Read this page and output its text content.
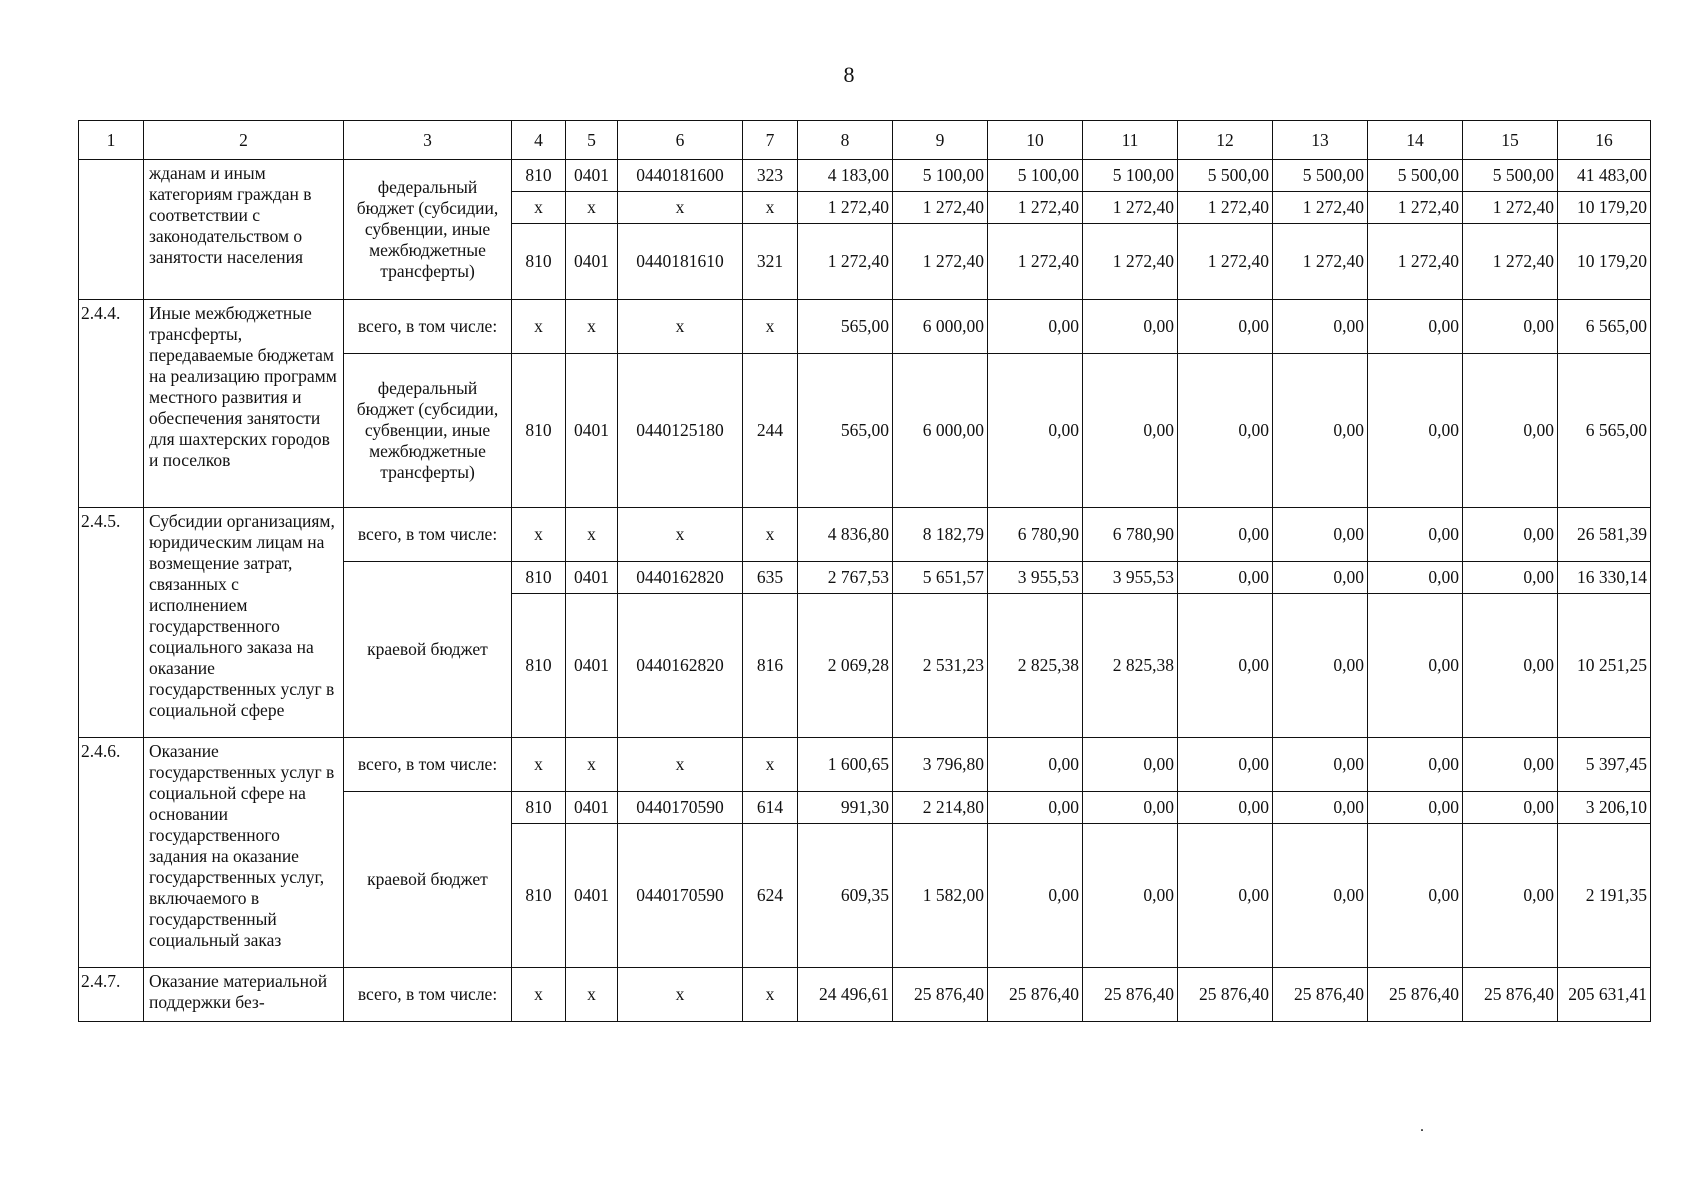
8
1	2	3	4	5	6	7	8	9	10	11	12	13	14	15	16
	жданам и иным категориям граждан в соответствии с законодательством о занятости населения	федеральный бюджет (субсидии, субвенции, иные межбюджетные трансферты)	810	0401	0440181600	323	4 183,00	5 100,00	5 100,00	5 100,00	5 500,00	5 500,00	5 500,00	5 500,00	41 483,00
			х	х	х	х	1 272,40	1 272,40	1 272,40	1 272,40	1 272,40	1 272,40	1 272,40	1 272,40	10 179,20
			810	0401	0440181610	321	1 272,40	1 272,40	1 272,40	1 272,40	1 272,40	1 272,40	1 272,40	1 272,40	10 179,20
2.4.4.	Иные межбюджетные трансферты, передаваемые бюджетам на реализацию программ местного развития и обеспечения занятости для шахтерских городов и поселков	всего, в том числе:	х	х	х	х	565,00	6 000,00	0,00	0,00	0,00	0,00	0,00	0,00	6 565,00
		федеральный бюджет (субсидии, субвенции, иные межбюджетные трансферты)	810	0401	0440125180	244	565,00	6 000,00	0,00	0,00	0,00	0,00	0,00	0,00	6 565,00
2.4.5.	Субсидии организациям, юридическим лицам на возмещение затрат, связанных с исполнением государственного социального заказа на оказание государственных услуг в социальной сфере	всего, в том числе:	х	х	х	х	4 836,80	8 182,79	6 780,90	6 780,90	0,00	0,00	0,00	0,00	26 581,39
		краевой бюджет	810	0401	0440162820	635	2 767,53	5 651,57	3 955,53	3 955,53	0,00	0,00	0,00	0,00	16 330,14
			810	0401	0440162820	816	2 069,28	2 531,23	2 825,38	2 825,38	0,00	0,00	0,00	0,00	10 251,25
2.4.6.	Оказание государственных услуг в социальной сфере на основании государственного задания на оказание государственных услуг, включаемого в государственный социальный заказ	всего, в том числе:	х	х	х	х	1 600,65	3 796,80	0,00	0,00	0,00	0,00	0,00	0,00	5 397,45
		краевой бюджет	810	0401	0440170590	614	991,30	2 214,80	0,00	0,00	0,00	0,00	0,00	0,00	3 206,10
			810	0401	0440170590	624	609,35	1 582,00	0,00	0,00	0,00	0,00	0,00	0,00	2 191,35
2.4.7.	Оказание материальной поддержки без-	всего, в том числе:	х	х	х	х	24 496,61	25 876,40	25 876,40	25 876,40	25 876,40	25 876,40	25 876,40	25 876,40	205 631,41
.
